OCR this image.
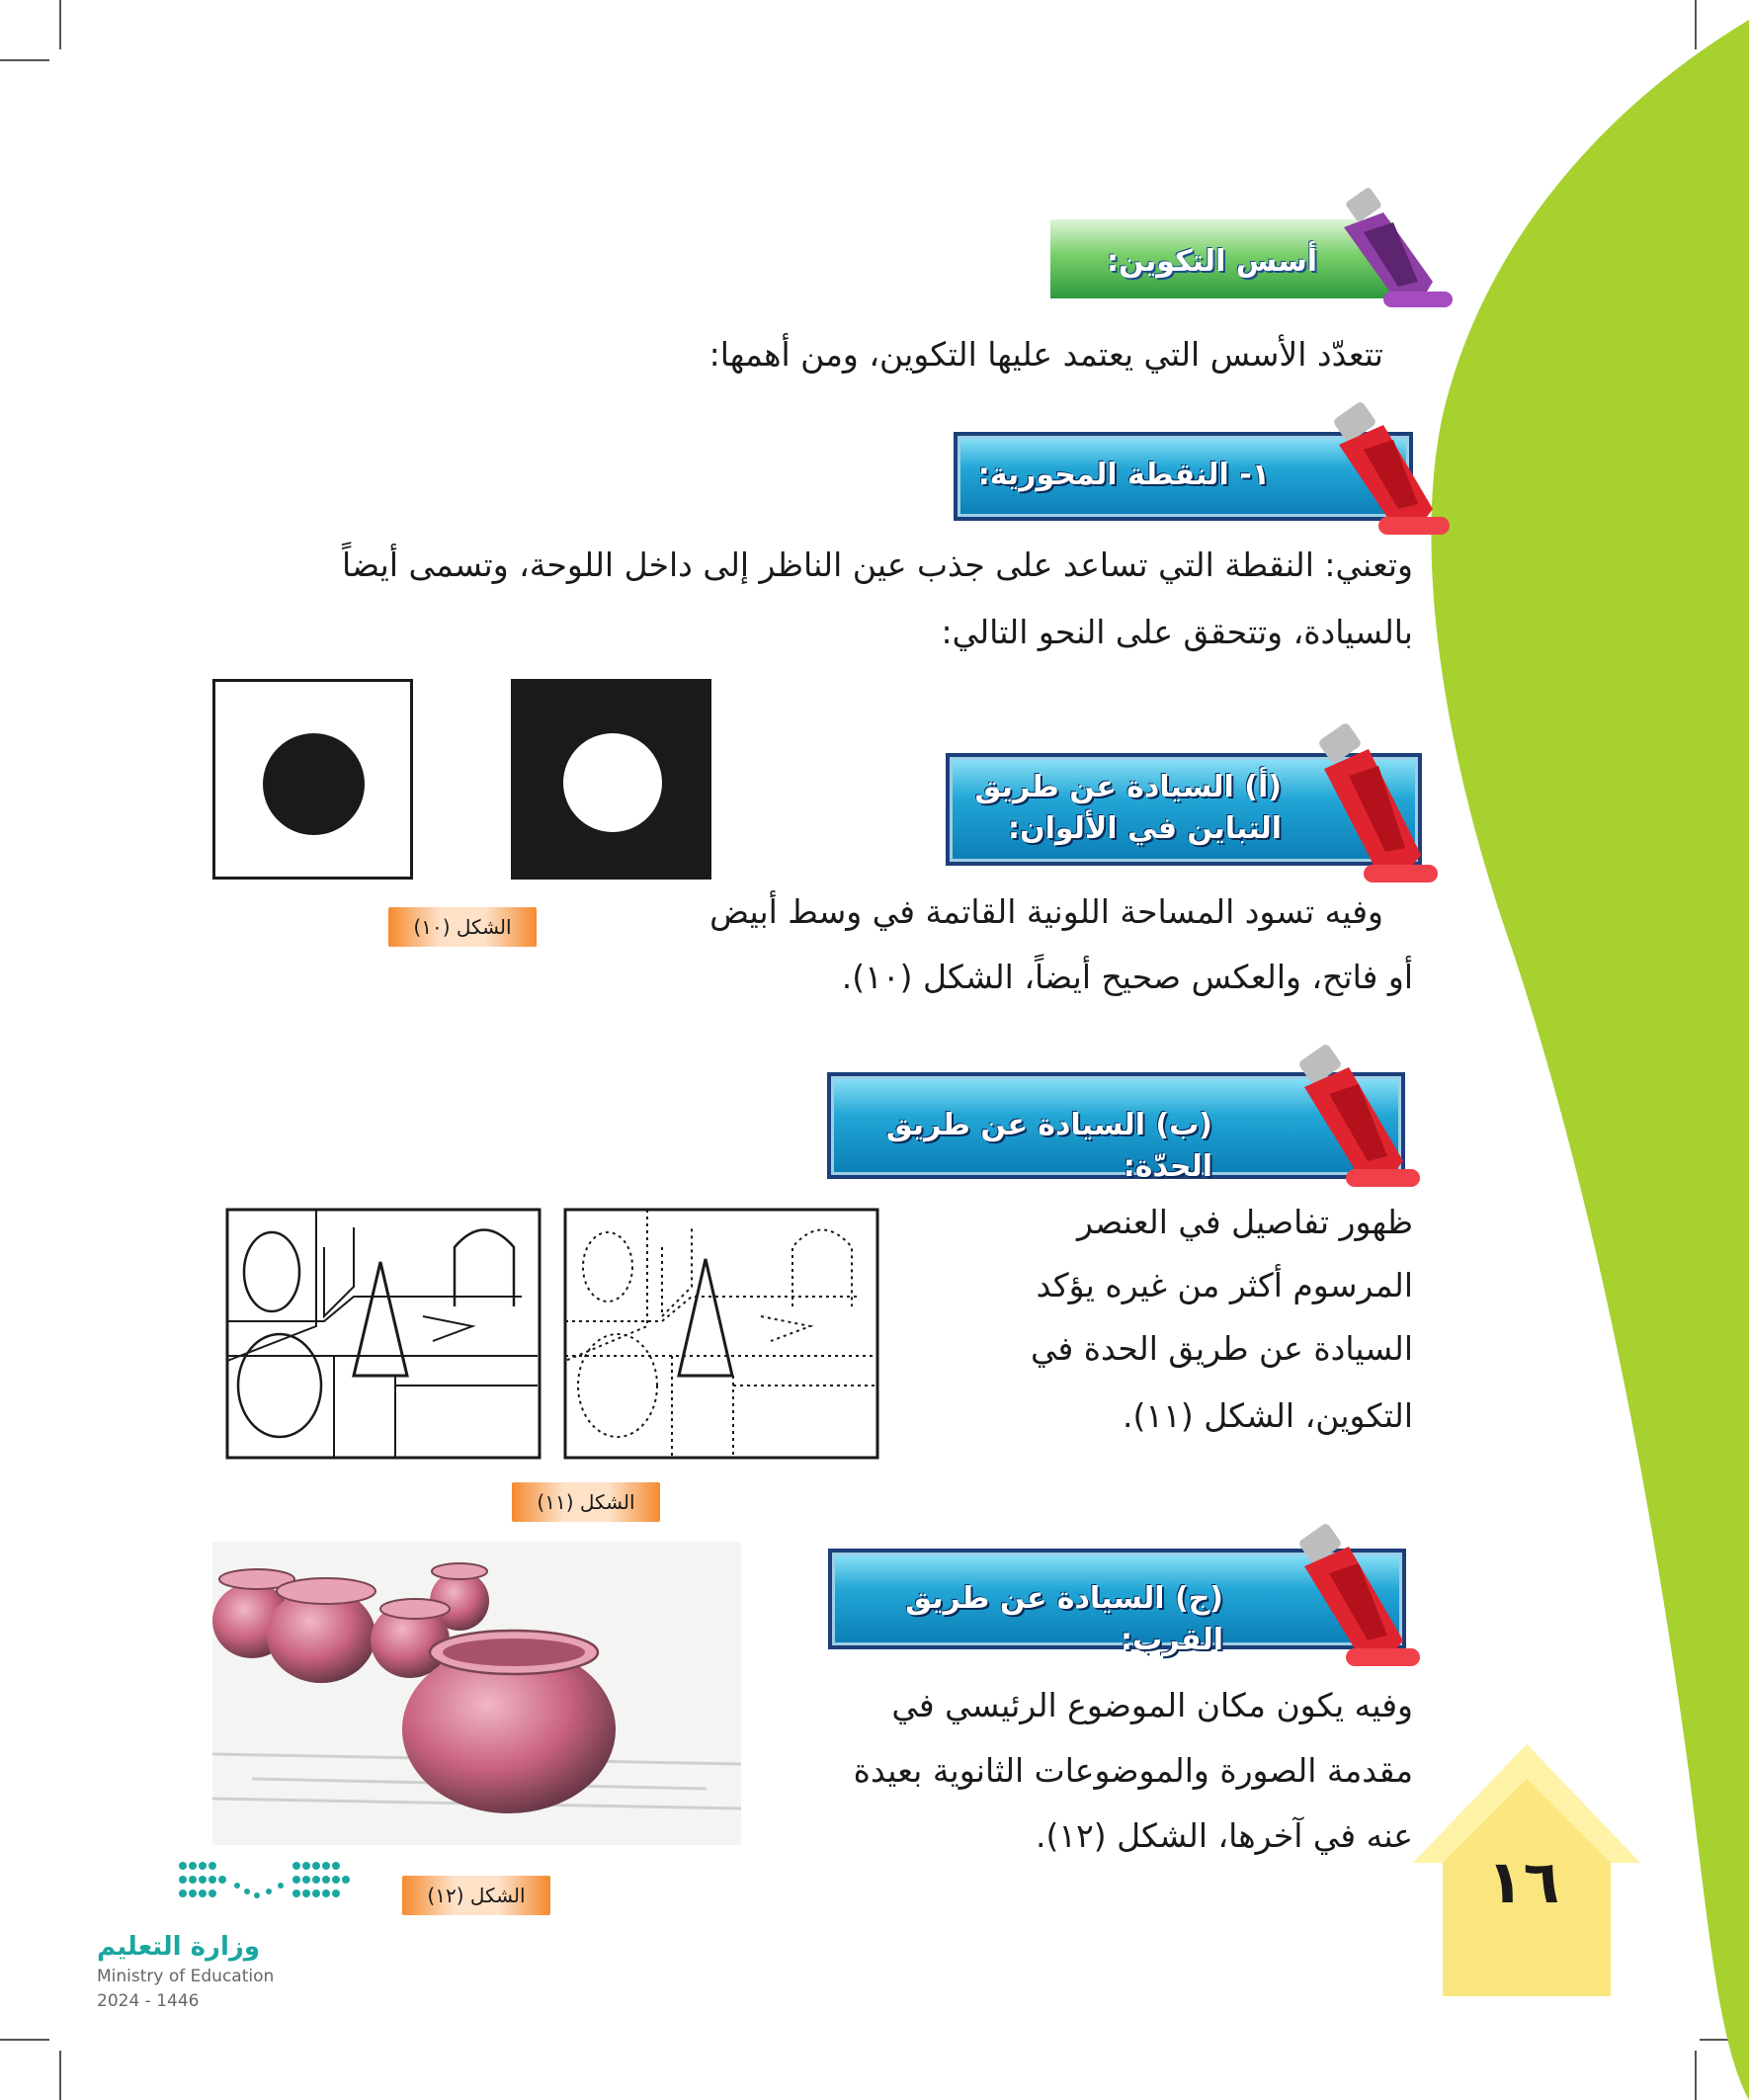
١٦
أسس التكوين:
تتعدّد الأسس التي يعتمد عليها التكوين، ومن أهمها:
١- النقطة المحورية:
وتعني: النقطة التي تساعد على جذب عين الناظر إلى داخل اللوحة، وتسمى أيضاً
بالسيادة، وتتحقق على النحو التالي:
الشكل (١٠)
(أ) السيادة عن طريق
التباين في الألوان:
وفيه تسود المساحة اللونية القاتمة في وسط أبيض
أو فاتح، والعكس صحيح أيضاً، الشكل (١٠).
(ب) السيادة عن طريق الحدّة:
ظهور تفاصيل في العنصر
المرسوم أكثر من غيره يؤكد
السيادة عن طريق الحدة في
التكوين، الشكل (١١).
الشكل (١١)
(ج) السيادة عن طريق القرب:
وفيه يكون مكان الموضوع الرئيسي في
مقدمة الصورة والموضوعات الثانوية بعيدة
عنه في آخرها، الشكل (١٢).
الشكل (١٢)
وزارة التعليم
Ministry of Education
2024 - 1446
